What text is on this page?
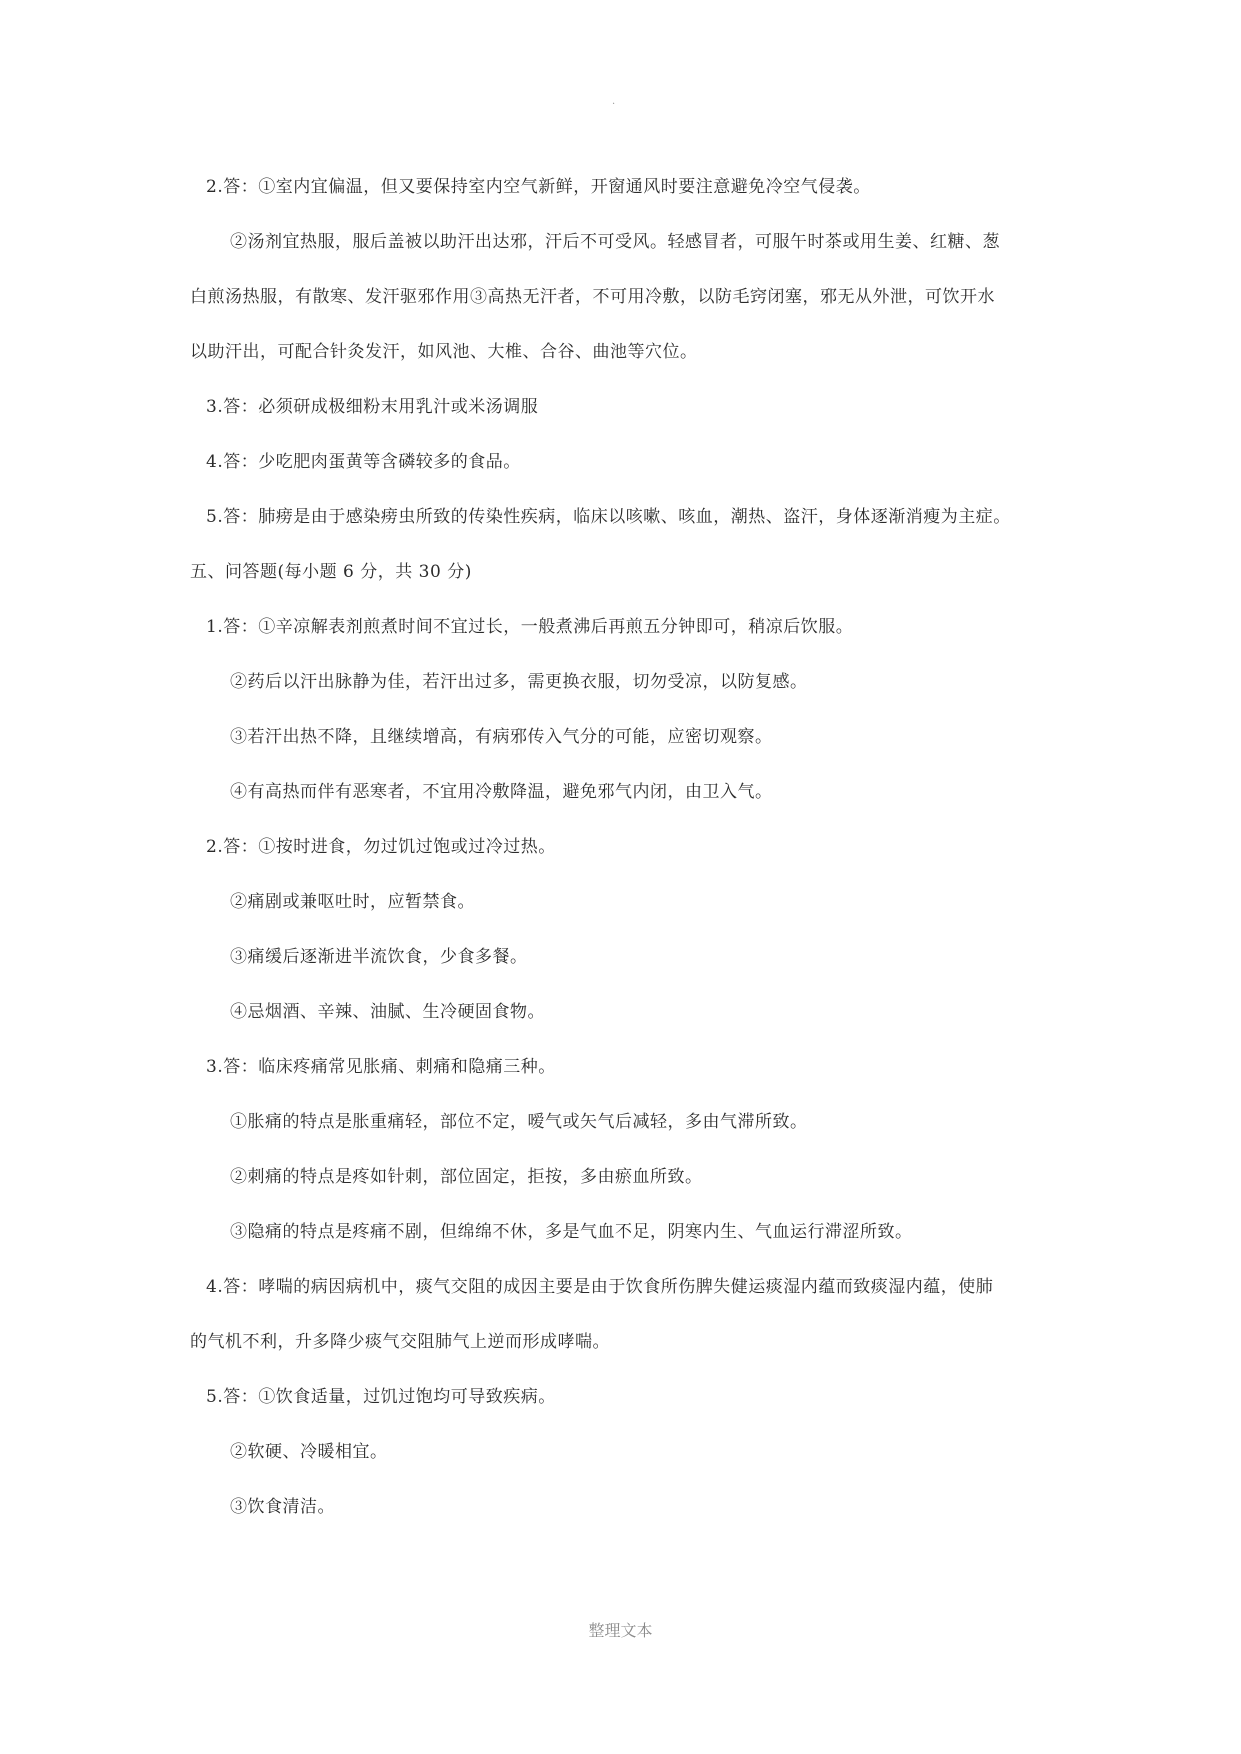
.
2.答：①室内宜偏温，但又要保持室内空气新鲜，开窗通风时要注意避免冷空气侵袭。
②汤剂宜热服，服后盖被以助汗出达邪，汗后不可受风。轻感冒者，可服午时茶或用生姜、红糖、葱
白煎汤热服，有散寒、发汗驱邪作用③高热无汗者，不可用冷敷，以防毛窍闭塞，邪无从外泄，可饮开水
以助汗出，可配合针灸发汗，如风池、大椎、合谷、曲池等穴位。
3.答：必须研成极细粉末用乳汁或米汤调服
4.答：少吃肥肉蛋黄等含磷较多的食品。
5.答：肺痨是由于感染痨虫所致的传染性疾病，临床以咳嗽、咳血，潮热、盗汗，身体逐渐消瘦为主症。
五、问答题(每小题 6 分，共 30 分)
1.答：①辛凉解表剂煎煮时间不宜过长，一般煮沸后再煎五分钟即可，稍凉后饮服。
②药后以汗出脉静为佳，若汗出过多，需更换衣服，切勿受凉，以防复感。
③若汗出热不降，且继续增高，有病邪传入气分的可能，应密切观察。
④有高热而伴有恶寒者，不宜用冷敷降温，避免邪气内闭，由卫入气。
2.答：①按时进食，勿过饥过饱或过冷过热。
②痛剧或兼呕吐时，应暂禁食。
③痛缓后逐渐进半流饮食，少食多餐。
④忌烟酒、辛辣、油腻、生冷硬固食物。
3.答：临床疼痛常见胀痛、刺痛和隐痛三种。
①胀痛的特点是胀重痛轻，部位不定，嗳气或矢气后减轻，多由气滞所致。
②刺痛的特点是疼如针刺，部位固定，拒按，多由瘀血所致。
③隐痛的特点是疼痛不剧，但绵绵不休，多是气血不足，阴寒内生、气血运行滞涩所致。
4.答：哮喘的病因病机中，痰气交阻的成因主要是由于饮食所伤脾失健运痰湿内蕴而致痰湿内蕴，使肺
的气机不利，升多降少痰气交阻肺气上逆而形成哮喘。
5.答：①饮食适量，过饥过饱均可导致疾病。
②软硬、冷暖相宜。
③饮食清洁。
整理文本
